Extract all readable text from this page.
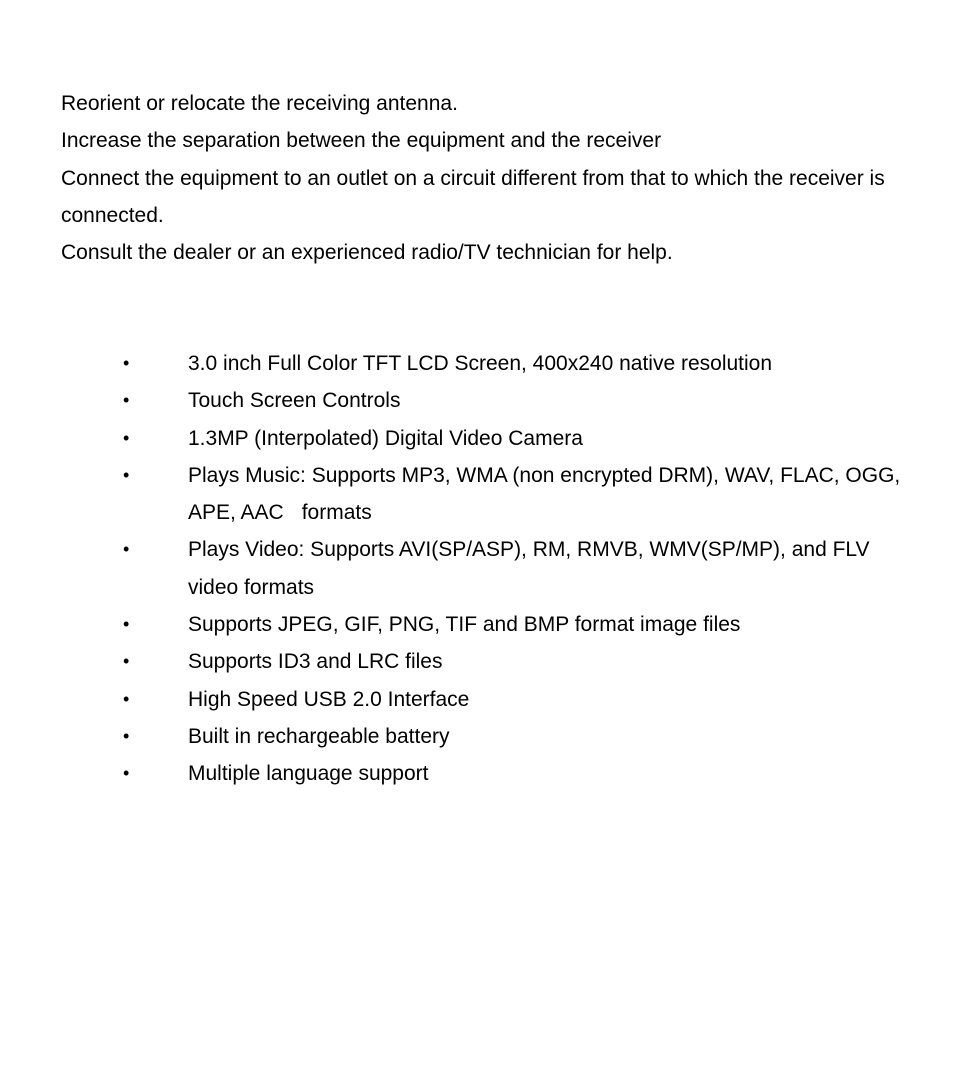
Reorient or relocate the receiving antenna.

Increase the separation between the equipment and the receiver

Connect the equipment to an outlet on a circuit different from that to which the receiver is connected.

Consult the dealer or an experienced radio/TV technician for help.

•	3.0 inch Full Color TFT LCD Screen, 400x240 native resolution
•	Touch Screen Controls
•	1.3MP (Interpolated) Digital Video Camera
•	Plays Music: Supports MP3, WMA (non encrypted DRM), WAV, FLAC, OGG, APE, AAC formats
•	Plays Video: Supports AVI(SP/ASP), RM, RMVB, WMV(SP/MP), and FLV video formats
•	Supports JPEG, GIF, PNG, TIF and BMP format image files
•	Supports ID3 and LRC files
•	High Speed USB 2.0 Interface
•	Built in rechargeable battery
•	Multiple language support
